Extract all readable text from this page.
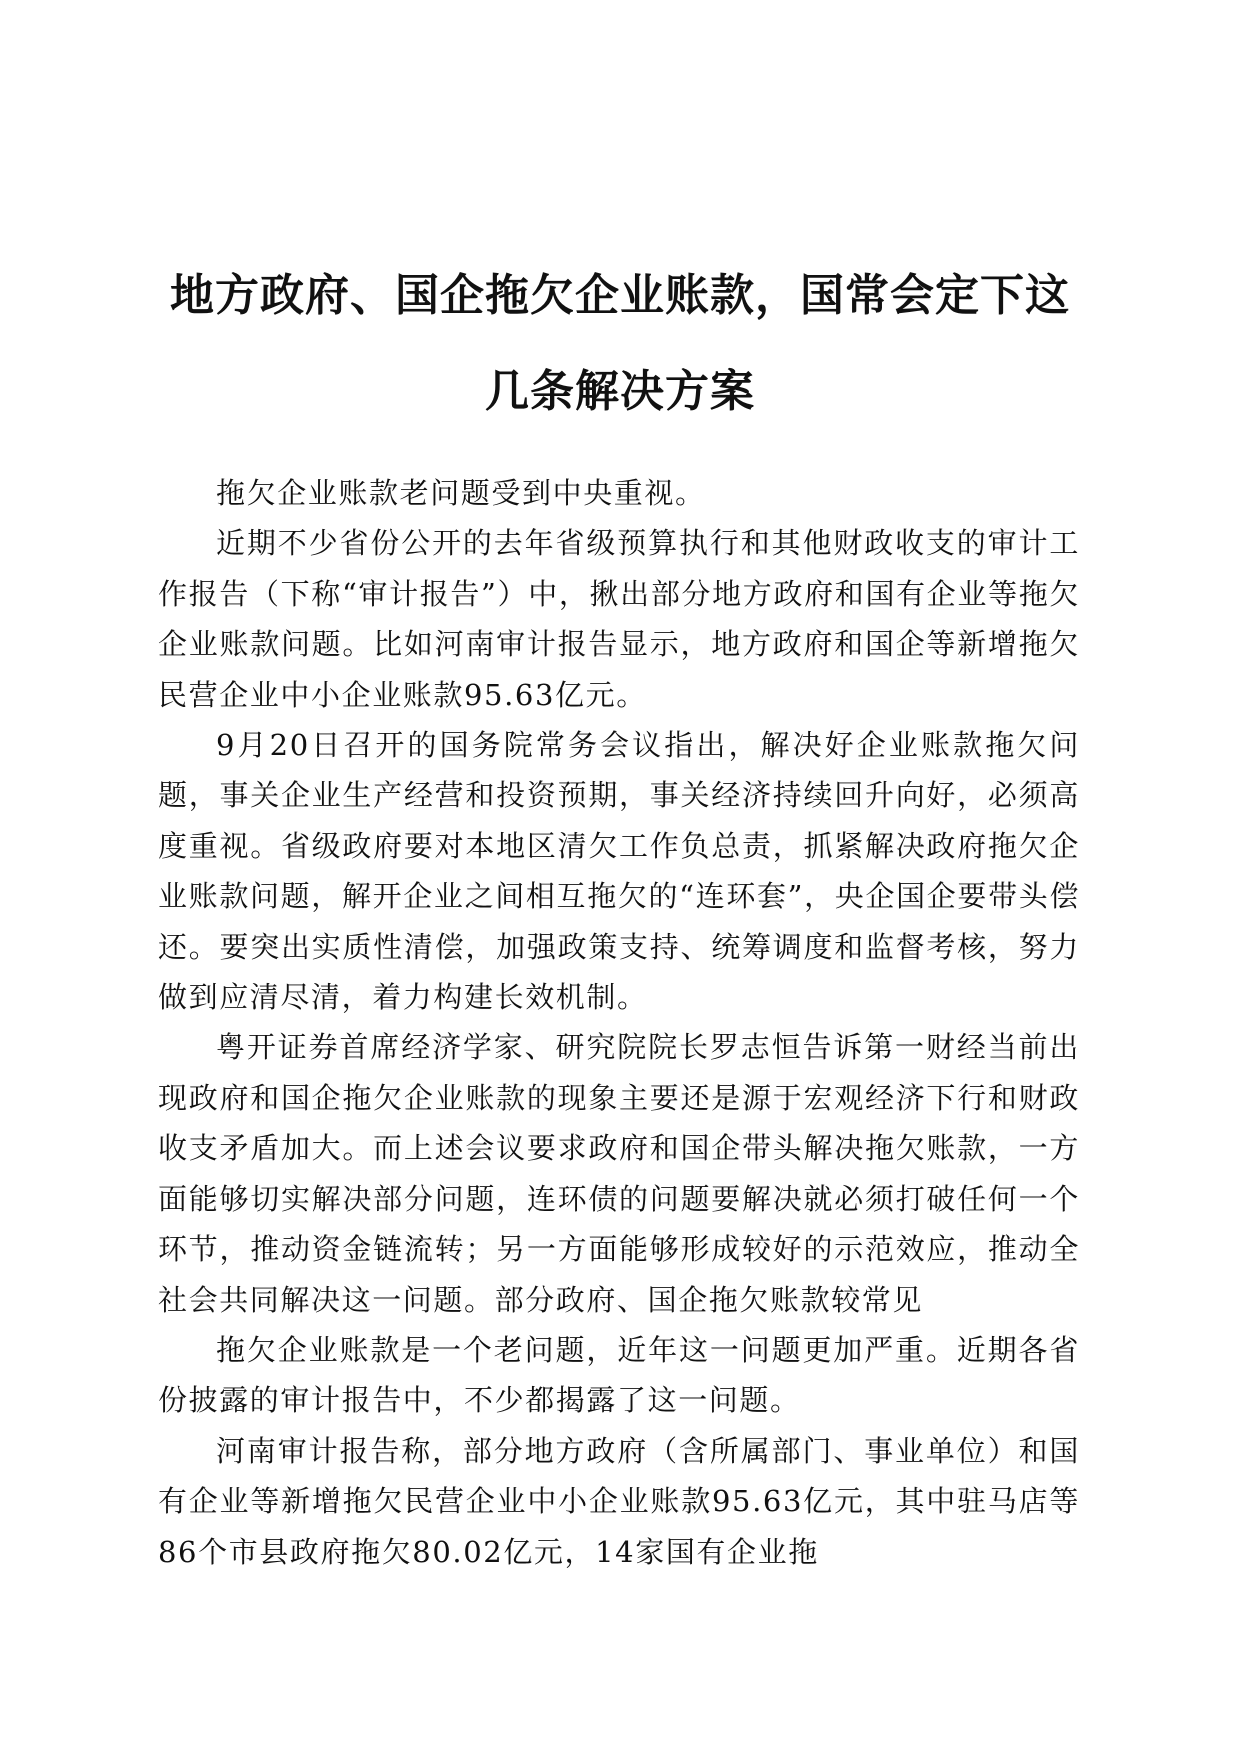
地方政府、国企拖欠企业账款，国常会定下这
几条解决方案

拖欠企业账款老问题受到中央重视。

近期不少省份公开的去年省级预算执行和其他财政收支的审计工作报告（下称“审计报告”）中，揪出部分地方政府和国有企业等拖欠企业账款问题。比如河南审计报告显示，地方政府和国企等新增拖欠民营企业中小企业账款95.63亿元。

9月20日召开的国务院常务会议指出，解决好企业账款拖欠问题，事关企业生产经营和投资预期，事关经济持续回升向好，必须高度重视。省级政府要对本地区清欠工作负总责，抓紧解决政府拖欠企业账款问题，解开企业之间相互拖欠的“连环套”，央企国企要带头偿还。要突出实质性清偿，加强政策支持、统筹调度和监督考核，努力做到应清尽清，着力构建长效机制。

粤开证券首席经济学家、研究院院长罗志恒告诉第一财经当前出现政府和国企拖欠企业账款的现象主要还是源于宏观经济下行和财政收支矛盾加大。而上述会议要求政府和国企带头解决拖欠账款，一方面能够切实解决部分问题，连环债的问题要解决就必须打破任何一个环节，推动资金链流转；另一方面能够形成较好的示范效应，推动全社会共同解决这一问题。部分政府、国企拖欠账款较常见

拖欠企业账款是一个老问题，近年这一问题更加严重。近期各省份披露的审计报告中，不少都揭露了这一问题。

河南审计报告称，部分地方政府（含所属部门、事业单位）和国有企业等新增拖欠民营企业中小企业账款95.63亿元，其中驻马店等86个市县政府拖欠80.02亿元，14家国有企业拖
